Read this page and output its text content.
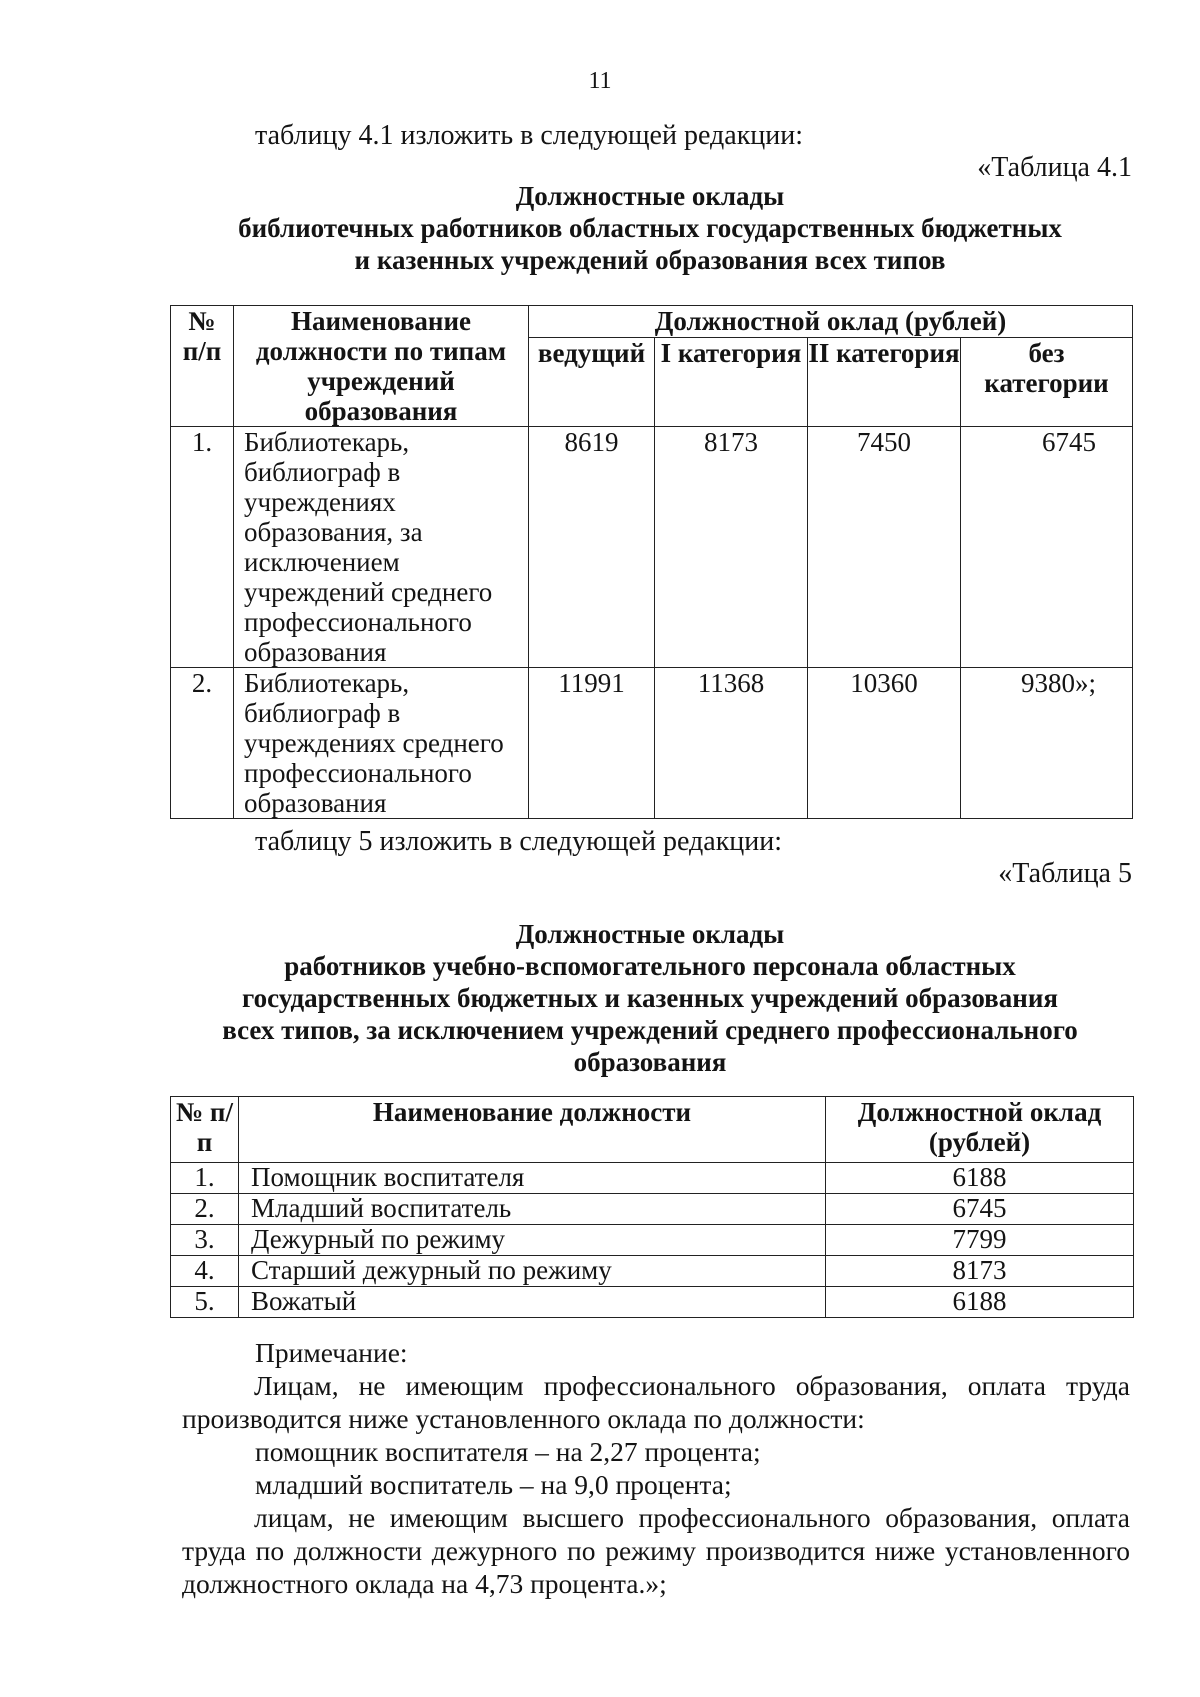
11
таблицу 4.1 изложить в следующей редакции:
«Таблица 4.1
Должностные оклады
библиотечных работников областных государственных бюджетных
и казенных учреждений образования всех типов
№ п/п	Наименование должности по типам учреждений образования	Должностной оклад (рублей)			
		ведущий	I категория	II категория	без категории
1.	Библиотекарь, библиограф в учреждениях образования, за исключением учреждений среднего профессионального образования	8619	8173	7450	6745
2.	Библиотекарь, библиограф в учреждениях среднего профессионального образования	11991	11368	10360	9380»;
таблицу 5 изложить в следующей редакции:
«Таблица 5
Должностные оклады
работников учебно-вспомогательного персонала областных
государственных бюджетных и казенных учреждений образования
всех типов, за исключением учреждений среднего профессионального
образования
№ п/п	Наименование должности	Должностной оклад (рублей)
1.	Помощник воспитателя	6188
2.	Младший воспитатель	6745
3.	Дежурный по режиму	7799
4.	Старший дежурный по режиму	8173
5.	Вожатый	6188

Примечание:

Лицам, не имеющим профессионального образования, оплата труда производится ниже установленного оклада по должности:

помощник воспитателя – на 2,27 процента;

младший воспитатель – на 9,0 процента;

лицам, не имеющим высшего профессионального образования, оплата труда по должности дежурного по режиму производится ниже установленного должностного оклада на 4,73 процента.»;
